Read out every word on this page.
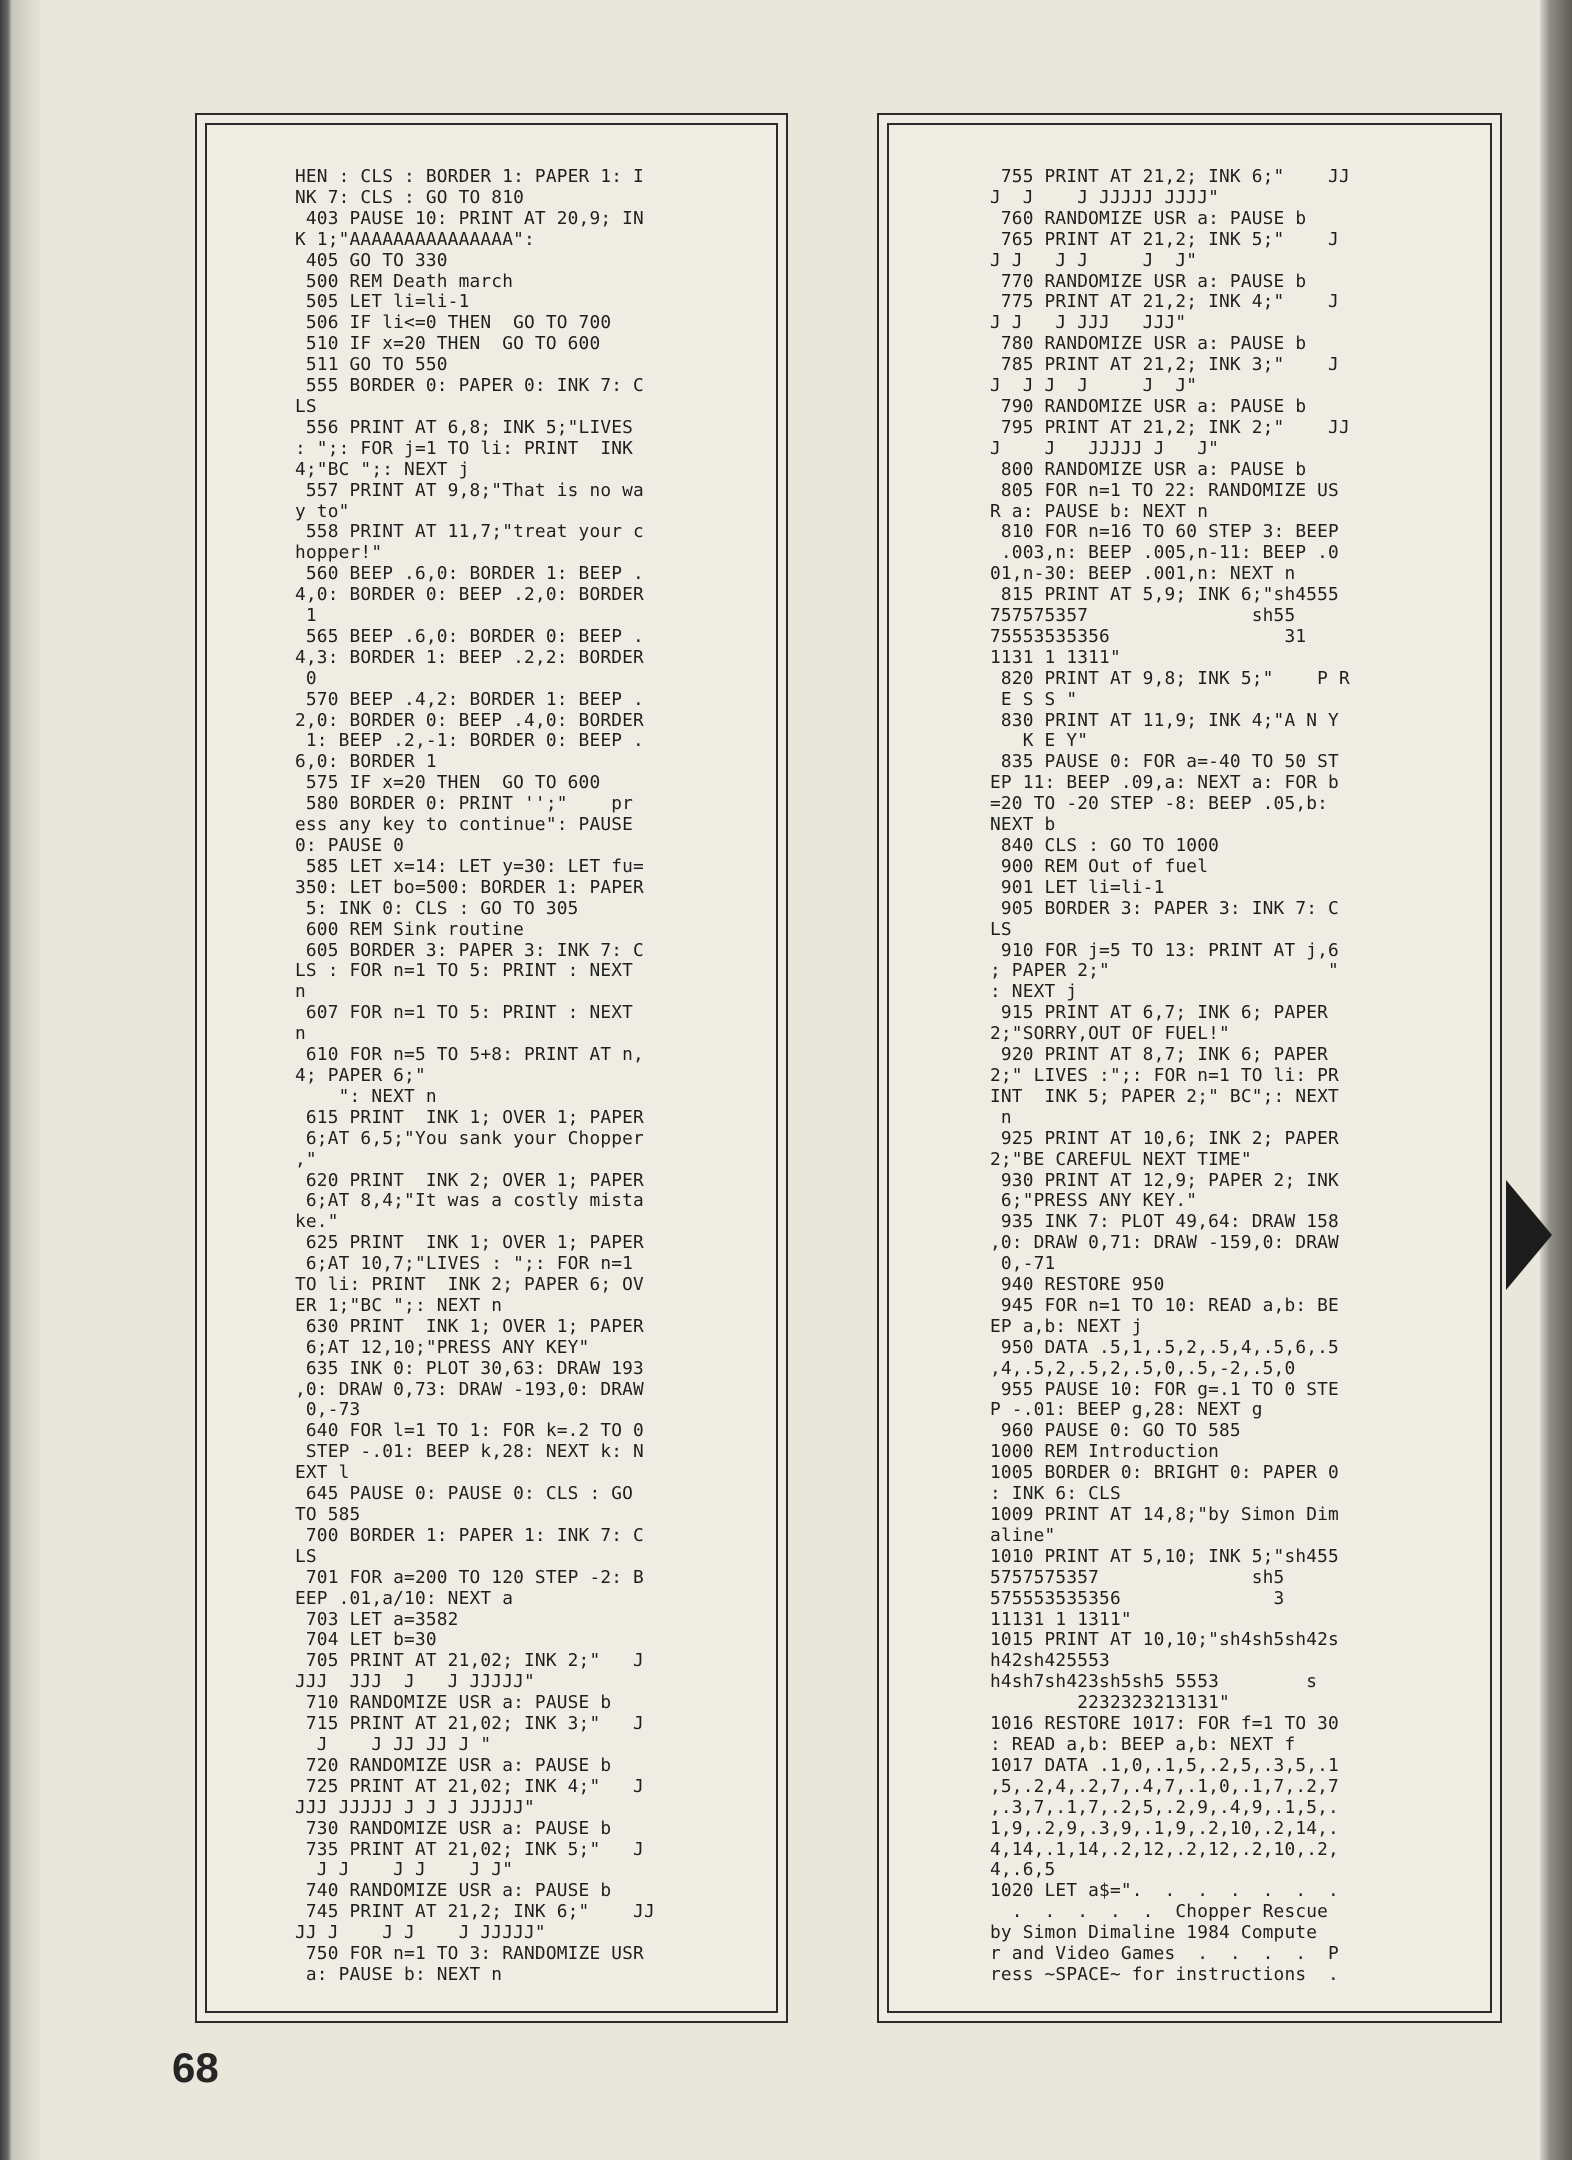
HEN : CLS : BORDER 1: PAPER 1: I
NK 7: CLS : GO TO 810
403 PAUSE 10: PRINT AT 20,9; IN
K 1;"AAAAAAAAAAAAAAA":
405 GO TO 330
500 REM Death march
505 LET li=li-1
506 IF li<=0 THEN  GO TO 700
510 IF x=20 THEN  GO TO 600
511 GO TO 550
555 BORDER 0: PAPER 0: INK 7: C
LS
556 PRINT AT 6,8; INK 5;"LIVES
: ";: FOR j=1 TO li: PRINT  INK
4;"BC ";: NEXT j
557 PRINT AT 9,8;"That is no wa
y to"
558 PRINT AT 11,7;"treat your c
hopper!"
560 BEEP .6,0: BORDER 1: BEEP .
4,0: BORDER 0: BEEP .2,0: BORDER
1
565 BEEP .6,0: BORDER 0: BEEP .
4,3: BORDER 1: BEEP .2,2: BORDER
0
570 BEEP .4,2: BORDER 1: BEEP .
2,0: BORDER 0: BEEP .4,0: BORDER
1: BEEP .2,-1: BORDER 0: BEEP .
6,0: BORDER 1
575 IF x=20 THEN  GO TO 600
580 BORDER 0: PRINT '';"    pr
ess any key to continue": PAUSE
0: PAUSE 0
585 LET x=14: LET y=30: LET fu=
350: LET bo=500: BORDER 1: PAPER
5: INK 0: CLS : GO TO 305
600 REM Sink routine
605 BORDER 3: PAPER 3: INK 7: C
LS : FOR n=1 TO 5: PRINT : NEXT
n
607 FOR n=1 TO 5: PRINT : NEXT
n
610 FOR n=5 TO 5+8: PRINT AT n,
4; PAPER 6;"
": NEXT n
615 PRINT  INK 1; OVER 1; PAPER
6;AT 6,5;"You sank your Chopper
,"
620 PRINT  INK 2; OVER 1; PAPER
6;AT 8,4;"It was a costly mista
ke."
625 PRINT  INK 1; OVER 1; PAPER
6;AT 10,7;"LIVES : ";: FOR n=1
TO li: PRINT  INK 2; PAPER 6; OV
ER 1;"BC ";: NEXT n
630 PRINT  INK 1; OVER 1; PAPER
6;AT 12,10;"PRESS ANY KEY"
635 INK 0: PLOT 30,63: DRAW 193
,0: DRAW 0,73: DRAW -193,0: DRAW
0,-73
640 FOR l=1 TO 1: FOR k=.2 TO 0
STEP -.01: BEEP k,28: NEXT k: N
EXT l
645 PAUSE 0: PAUSE 0: CLS : GO
TO 585
700 BORDER 1: PAPER 1: INK 7: C
LS
701 FOR a=200 TO 120 STEP -2: B
EEP .01,a/10: NEXT a
703 LET a=3582
704 LET b=30
705 PRINT AT 21,02; INK 2;"   J
JJJ  JJJ  J   J JJJJJ"
710 RANDOMIZE USR a: PAUSE b
715 PRINT AT 21,02; INK 3;"   J
J    J JJ JJ J "
720 RANDOMIZE USR a: PAUSE b
725 PRINT AT 21,02; INK 4;"   J
JJJ JJJJJ J J J JJJJJ"
730 RANDOMIZE USR a: PAUSE b
735 PRINT AT 21,02; INK 5;"   J
J J    J J    J J"
740 RANDOMIZE USR a: PAUSE b
745 PRINT AT 21,2; INK 6;"    JJ
JJ J    J J    J JJJJJ"
750 FOR n=1 TO 3: RANDOMIZE USR
a: PAUSE b: NEXT n
755 PRINT AT 21,2; INK 6;"    JJ
J  J    J JJJJJ JJJJ"
760 RANDOMIZE USR a: PAUSE b
765 PRINT AT 21,2; INK 5;"    J
J J   J J     J  J"
770 RANDOMIZE USR a: PAUSE b
775 PRINT AT 21,2; INK 4;"    J
J J   J JJJ   JJJ"
780 RANDOMIZE USR a: PAUSE b
785 PRINT AT 21,2; INK 3;"    J
J  J J  J     J  J"
790 RANDOMIZE USR a: PAUSE b
795 PRINT AT 21,2; INK 2;"    JJ
J    J   JJJJJ J   J"
800 RANDOMIZE USR a: PAUSE b
805 FOR n=1 TO 22: RANDOMIZE US
R a: PAUSE b: NEXT n
810 FOR n=16 TO 60 STEP 3: BEEP
.003,n: BEEP .005,n-11: BEEP .0
01,n-30: BEEP .001,n: NEXT n
815 PRINT AT 5,9; INK 6;"sh4555
757575357               sh55
75553535356                31
1131 1 1311"
820 PRINT AT 9,8; INK 5;"    P R
E S S "
830 PRINT AT 11,9; INK 4;"A N Y
K E Y"
835 PAUSE 0: FOR a=-40 TO 50 ST
EP 11: BEEP .09,a: NEXT a: FOR b
=20 TO -20 STEP -8: BEEP .05,b:
NEXT b
840 CLS : GO TO 1000
900 REM Out of fuel
901 LET li=li-1
905 BORDER 3: PAPER 3: INK 7: C
LS
910 FOR j=5 TO 13: PRINT AT j,6
; PAPER 2;"                    "
: NEXT j
915 PRINT AT 6,7; INK 6; PAPER
2;"SORRY,OUT OF FUEL!"
920 PRINT AT 8,7; INK 6; PAPER
2;" LIVES :";: FOR n=1 TO li: PR
INT  INK 5; PAPER 2;" BC";: NEXT
n
925 PRINT AT 10,6; INK 2; PAPER
2;"BE CAREFUL NEXT TIME"
930 PRINT AT 12,9; PAPER 2; INK
6;"PRESS ANY KEY."
935 INK 7: PLOT 49,64: DRAW 158
,0: DRAW 0,71: DRAW -159,0: DRAW
0,-71
940 RESTORE 950
945 FOR n=1 TO 10: READ a,b: BE
EP a,b: NEXT j
950 DATA .5,1,.5,2,.5,4,.5,6,.5
,4,.5,2,.5,2,.5,0,.5,-2,.5,0
955 PAUSE 10: FOR g=.1 TO 0 STE
P -.01: BEEP g,28: NEXT g
960 PAUSE 0: GO TO 585
1000 REM Introduction
1005 BORDER 0: BRIGHT 0: PAPER 0
: INK 6: CLS
1009 PRINT AT 14,8;"by Simon Dim
aline"
1010 PRINT AT 5,10; INK 5;"sh455
5757575357              sh5
575553535356              3
11131 1 1311"
1015 PRINT AT 10,10;"sh4sh5sh42s
h42sh425553
h4sh7sh423sh5sh5 5553        s
2232323213131"
1016 RESTORE 1017: FOR f=1 TO 30
: READ a,b: BEEP a,b: NEXT f
1017 DATA .1,0,.1,5,.2,5,.3,5,.1
,5,.2,4,.2,7,.4,7,.1,0,.1,7,.2,7
,.3,7,.1,7,.2,5,.2,9,.4,9,.1,5,.
1,9,.2,9,.3,9,.1,9,.2,10,.2,14,.
4,14,.1,14,.2,12,.2,12,.2,10,.2,
4,.6,5
1020 LET a$=".  .  .  .  .  .  .
.  .  .  .  .  Chopper Rescue
by Simon Dimaline 1984 Compute
r and Video Games  .  .  .  .  P
ress ~SPACE~ for instructions  .
68
